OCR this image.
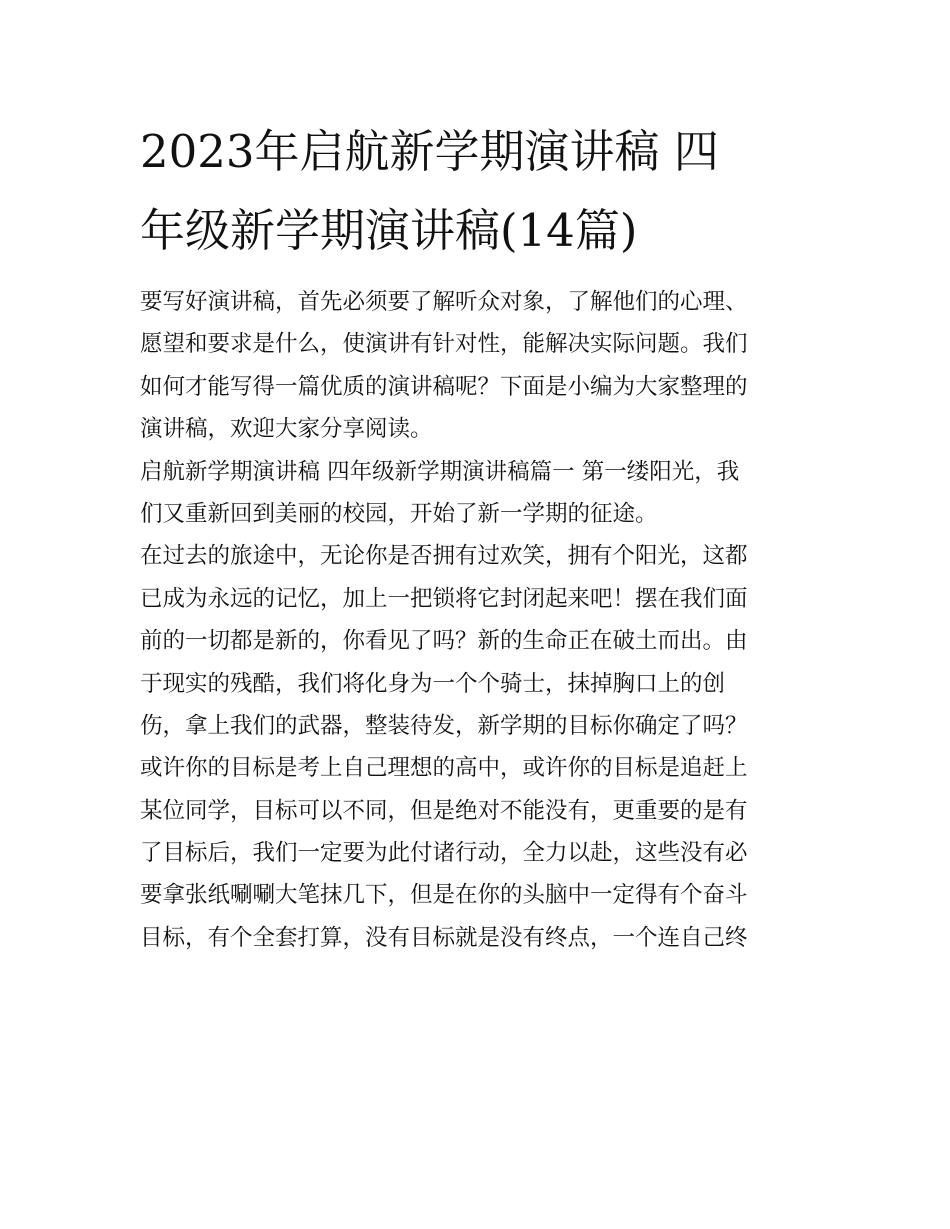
2023年启航新学期演讲稿 四
年级新学期演讲稿(14篇)
要写好演讲稿，首先必须要了解听众对象，了解他们的心理、
愿望和要求是什么，使演讲有针对性，能解决实际问题。我们
如何才能写得一篇优质的演讲稿呢？下面是小编为大家整理的
演讲稿，欢迎大家分享阅读。
启航新学期演讲稿 四年级新学期演讲稿篇一 第一缕阳光，我
们又重新回到美丽的校园，开始了新一学期的征途。
在过去的旅途中，无论你是否拥有过欢笑，拥有个阳光，这都
已成为永远的记忆，加上一把锁将它封闭起来吧！摆在我们面
前的一切都是新的，你看见了吗？新的生命正在破土而出。由
于现实的残酷，我们将化身为一个个骑士，抹掉胸口上的创
伤，拿上我们的武器，整装待发，新学期的目标你确定了吗？
或许你的目标是考上自己理想的高中，或许你的目标是追赶上
某位同学，目标可以不同，但是绝对不能没有，更重要的是有
了目标后，我们一定要为此付诸行动，全力以赴，这些没有必
要拿张纸唰唰大笔抹几下，但是在你的头脑中一定得有个奋斗
目标，有个全套打算，没有目标就是没有终点，一个连自己终
